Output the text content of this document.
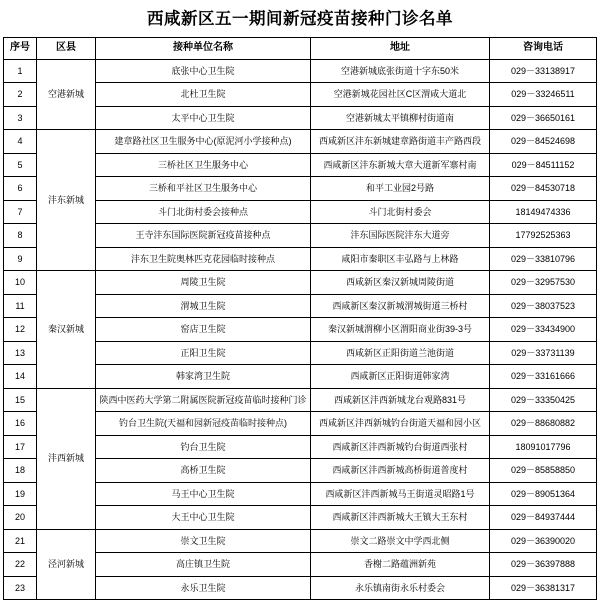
西咸新区五一期间新冠疫苗接种门诊名单
序号	区县	接种单位名称	地址	咨询电话
1	空港新城	底张中心卫生院	空港新城底张街道十字东50米	029－33138917
2		北杜卫生院	空港新城花园社区C区渭咸大道北	029－33246511
3		太平中心卫生院	空港新城太平镇柳村街道南	029－36650161
4	沣东新城	建章路社区卫生服务中心(原泥河小学接种点)	西咸新区沣东新城建章路街道丰产路西段	029－84524698
5		三桥社区卫生服务中心	西咸新区沣东新城大章大道新军寨村南	029－84511152
6		三桥和平社区卫生服务中心	和平工业园2号路	029－84530718
7		斗门北街村委会接种点	斗门北街村委会	18149474336
8		王寺沣东国际医院新冠疫苗接种点	沣东国际医院沣东大道旁	17792525363
9		沣东卫生院奥林匹克花园临时接种点	咸阳市秦职区丰弘路与上林路	029－33810796
10	秦汉新城	周陵卫生院	西咸新区秦汉新城周陵街道	029－32957530
11		渭城卫生院	西咸新区秦汉新城渭城街道三桥村	029－38037523
12		窑店卫生院	秦汉新城渭柳小区渭阳商业街39-3号	029－33434900
13		正阳卫生院	西咸新区正阳街道兰池街道	029－33731139
14		韩家湾卫生院	西咸新区正阳街道韩家湾	029－33161666
15	沣西新城	陕西中医药大学第二附属医院新冠疫苗临时接种门诊	西咸新区沣西新城龙台观路831号	029－33350425
16		钓台卫生院(天福和园新冠疫苗临时接种点)	西咸新区沣西新城钓台街道天福和园小区	029－88680882
17		钓台卫生院	西咸新区沣西新城钓台街道西张村	18091017796
18		高桥卫生院	西咸新区沣西新城高桥街道普度村	029－85858850
19		马王中心卫生院	西咸新区沣西新城马王街道灵昭路1号	029－89051364
20		大王中心卫生院	西咸新区沣西新城大王镇大王东村	029－84937444
21	泾河新城	崇文卫生院	崇文二路崇文中学西北侧	029－36390020
22		高庄镇卫生院	香榭二路蕴洲新苑	029－36397888
23		永乐卫生院	永乐镇南街永乐村委会	029－36381317
